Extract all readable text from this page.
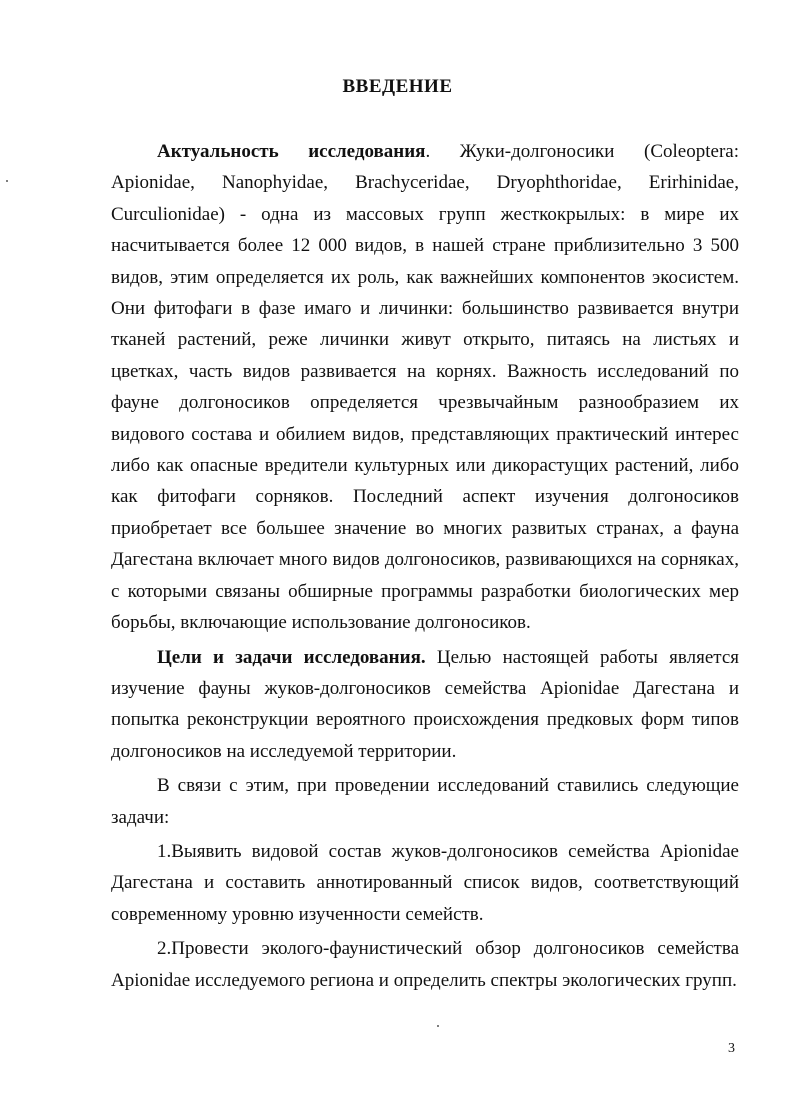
ВВЕДЕНИЕ

Актуальность исследования. Жуки-долгоносики (Coleoptera: Apionidae, Nanophyidae, Brachyceridae, Dryophthoridae, Erirhinidae, Curculionidae) - одна из массовых групп жесткокрылых: в мире их насчитывается более 12 000 видов, в нашей стране приблизительно 3 500 видов, этим определяется их роль, как важнейших компонентов экосистем. Они фитофаги в фазе имаго и личинки: большинство развивается внутри тканей растений, реже личинки живут открыто, питаясь на листьях и цветках, часть видов развивается на корнях. Важность исследований по фауне долгоносиков определяется чрезвычайным разнообразием их видового состава и обилием видов, представляющих практический интерес либо как опасные вредители культурных или дикорастущих растений, либо как фитофаги сорняков. Последний аспект изучения долгоносиков приобретает все большее значение во многих развитых странах, а фауна Дагестана включает много видов долгоносиков, развивающихся на сорняках, с которыми связаны обширные программы разработки биологических мер борьбы, включающие использование долгоносиков.

Цели и задачи исследования. Целью настоящей работы является изучение фауны жуков-долгоносиков семейства Apionidae Дагестана и попытка реконструкции вероятного происхождения предковых форм типов долгоносиков на исследуемой территории.

В связи с этим, при проведении исследований ставились следующие задачи:

1.Выявить видовой состав жуков-долгоносиков семейства Apionidae Дагестана и составить аннотированный список видов, соответствующий современному уровню изученности семейств.

2.Провести эколого-фаунистический обзор долгоносиков семейства Apionidae исследуемого региона и определить спектры экологических групп.

3
